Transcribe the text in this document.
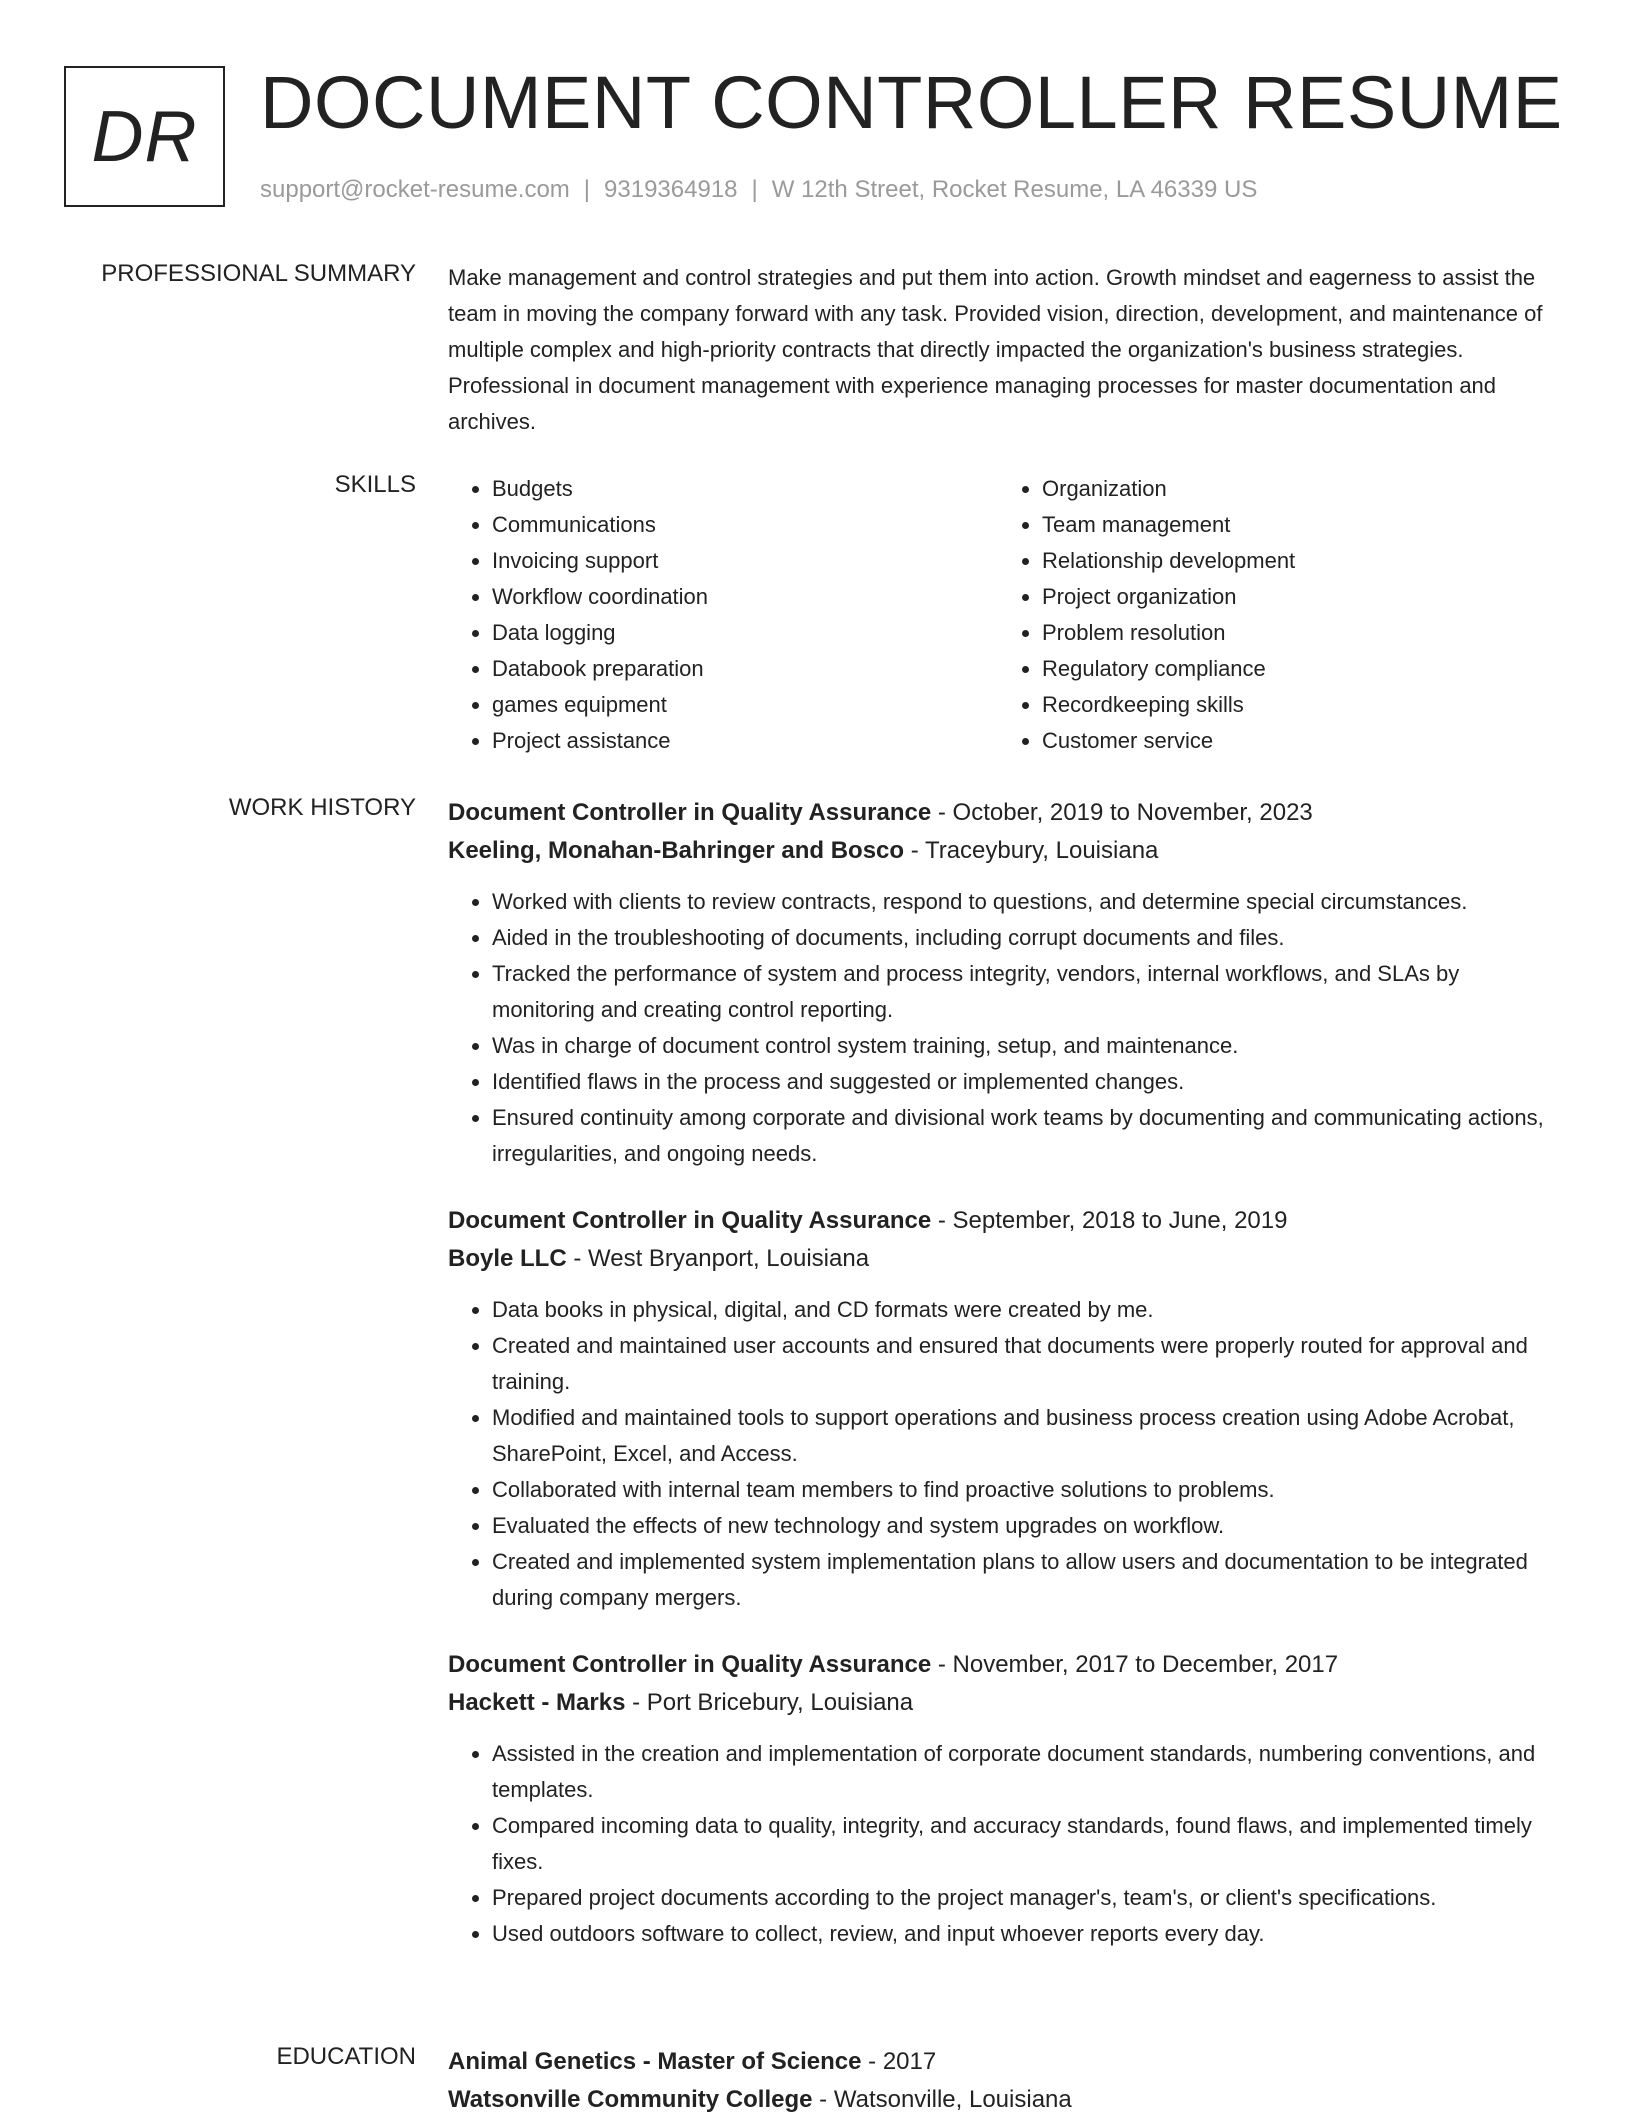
DR DOCUMENT CONTROLLER RESUME
support@rocket-resume.com | 9319364918 | W 12th Street, Rocket Resume, LA 46339 US
PROFESSIONAL SUMMARY Make management and control strategies and put them into action. Growth mindset and eagerness to assist the team in moving the company forward with any task. Provided vision, direction, development, and maintenance of multiple complex and high-priority contracts that directly impacted the organization's business strategies. Professional in document management with experience managing processes for master documentation and archives.

SKILLS
•	Budgets
• Communications
• Invoicing support
• Workflow coordination
• Data logging
• Databook preparation
• games equipment
• Project assistance
• Organization
• Team management
• Relationship development
• Project organization
• Problem resolution
• Regulatory compliance
• Recordkeeping skills
• Customer service
WORK HISTORY Document Controller in Quality Assurance - October, 2019 to November, 2023
Keeling, Monahan-Bahringer and Bosco - Traceybury, Louisiana
• Worked with clients to review contracts, respond to questions, and determine special circumstances.
• Aided in the troubleshooting of documents, including corrupt documents and files.
• Tracked the performance of system and process integrity, vendors, internal workflows, and SLAs by monitoring and creating control reporting.
• Was in charge of document control system training, setup, and maintenance.
• Identified flaws in the process and suggested or implemented changes.
• Ensured continuity among corporate and divisional work teams by documenting and communicating actions, irregularities, and ongoing needs.
Document Controller in Quality Assurance - September, 2018 to June, 2019
Boyle LLC - West Bryanport, Louisiana
• Data books in physical, digital, and CD formats were created by me.
• Created and maintained user accounts and ensured that documents were properly routed for approval and training.
• Modified and maintained tools to support operations and business process creation using Adobe Acrobat, SharePoint, Excel, and Access.
• Collaborated with internal team members to find proactive solutions to problems.
• Evaluated the effects of new technology and system upgrades on workflow.
• Created and implemented system implementation plans to allow users and documentation to be integrated during company mergers.
Document Controller in Quality Assurance - November, 2017 to December, 2017
Hackett - Marks - Port Bricebury, Louisiana
• Assisted in the creation and implementation of corporate document standards, numbering conventions, and templates.
• Compared incoming data to quality, integrity, and accuracy standards, found flaws, and implemented timely fixes.
• Prepared project documents according to the project manager's, team's, or client's specifications.
• Used outdoors software to collect, review, and input whoever reports every day.
EDUCATION Animal Genetics - Master of Science - 2017
Watsonville Community College - Watsonville, Louisiana
